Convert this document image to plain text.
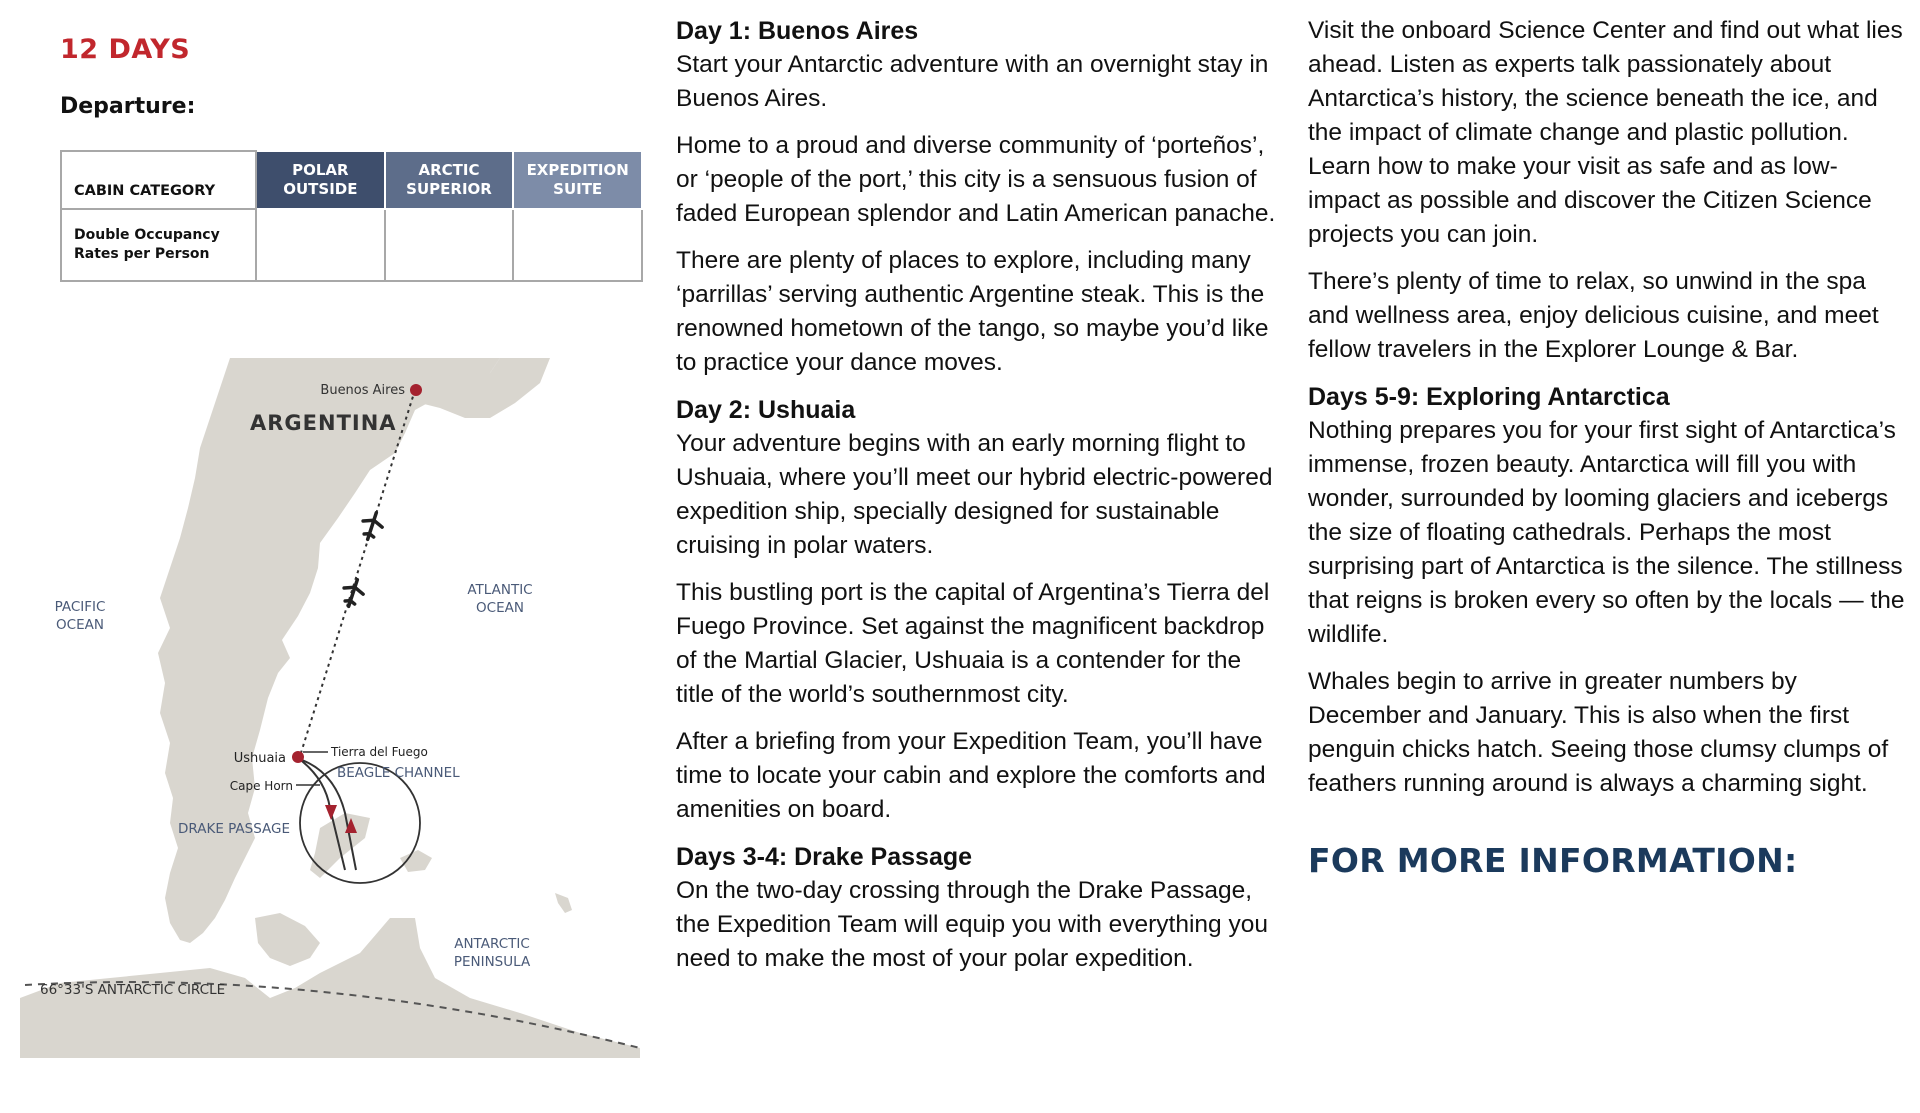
12 DAYS
Departure:
CABIN CATEGORY	POLAR OUTSIDE	ARCTIC SUPERIOR	EXPEDITION SUITE
Double Occupancy Rates per Person			
Buenos Aires
ARGENTINA
PACIFIC
OCEAN
ATLANTIC
OCEAN
Ushuaia	Tierra del Fuego
BEAGLE CHANNEL
Cape Horn
DRAKE PASSAGE
ANTARCTIC
PENINSULA
66°33'S ANTARCTIC CIRCLE
Day 1: Buenos Aires

Start your Antarctic adventure with an overnight stay in Buenos Aires.

Home to a proud and diverse community of ‘porteños’, or ‘people of the port,’ this city is a sensuous fusion of faded European splendor and Latin American panache.

There are plenty of places to explore, including many ‘parrillas’ serving authentic Argentine steak. This is the renowned hometown of the tango, so maybe you’d like to practice your dance moves.

Day 2: Ushuaia

Your adventure begins with an early morning flight to Ushuaia, where you’ll meet our hybrid electric-powered expedition ship, specially designed for sustainable cruising in polar waters.

This bustling port is the capital of Argentina’s Tierra del Fuego Province. Set against the magnificent backdrop of the Martial Glacier, Ushuaia is a contender for the title of the world’s southernmost city.

After a briefing from your Expedition Team, you’ll have time to locate your cabin and explore the comforts and amenities on board.

Days 3-4: Drake Passage

On the two-day crossing through the Drake Passage, the Expedition Team will equip you with everything you need to make the most of your polar expedition.

Visit the onboard Science Center and find out what lies ahead. Listen as experts talk passionately about Antarctica’s history, the science beneath the ice, and the impact of climate change and plastic pollution. Learn how to make your visit as safe and as low-impact as possible and discover the Citizen Science projects you can join.

There’s plenty of time to relax, so unwind in the spa and wellness area, enjoy delicious cuisine, and meet fellow travelers in the Explorer Lounge & Bar.

Days 5-9: Exploring Antarctica

Nothing prepares you for your first sight of Antarctica’s immense, frozen beauty. Antarctica will fill you with wonder, surrounded by looming glaciers and icebergs the size of floating cathedrals. Perhaps the most surprising part of Antarctica is the silence. The stillness that reigns is broken every so often by the locals — the wildlife.

Whales begin to arrive in greater numbers by December and January. This is also when the first penguin chicks hatch. Seeing those clumsy clumps of feathers running around is always a charming sight.

FOR MORE INFORMATION:
